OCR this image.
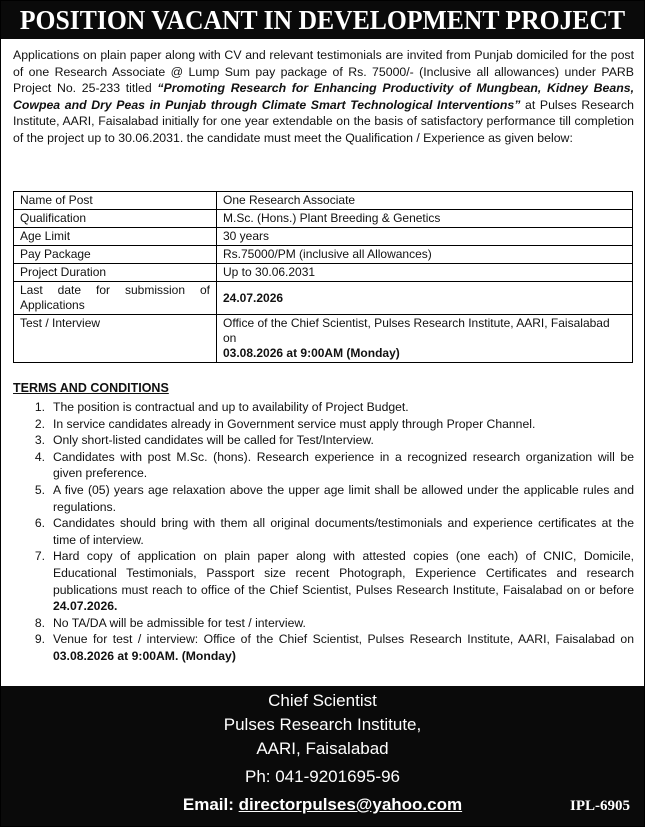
POSITION VACANT IN DEVELOPMENT PROJECT
Applications on plain paper along with CV and relevant testimonials are invited from Punjab domiciled for the post of one Research Associate @ Lump Sum pay package of Rs. 75000/- (Inclusive all allowances) under PARB Project No. 25-233 titled “Promoting Research for Enhancing Productivity of Mungbean, Kidney Beans, Cowpea and Dry Peas in Punjab through Climate Smart Technological Interventions” at Pulses Research Institute, AARI, Faisalabad initially for one year extendable on the basis of satisfactory performance till completion of the project up to 30.06.2031. the candidate must meet the Qualification / Experience as given below:
Name of Post	One Research Associate
Qualification	M.Sc. (Hons.) Plant Breeding & Genetics
Age Limit	30 years
Pay Package	Rs.75000/PM (inclusive all Allowances)
Project Duration	Up to 30.06.2031
Last date for submission of Applications	24.07.2026
Test / Interview	Office of the Chief Scientist, Pulses Research Institute, AARI, Faisalabad on
03.08.2026 at 9:00AM (Monday)
TERMS AND CONDITIONS
1. The position is contractual and up to availability of Project Budget.
2. In service candidates already in Government service must apply through Proper Channel.
3. Only short-listed candidates will be called for Test/Interview.
4. Candidates with post M.Sc. (hons). Research experience in a recognized research organization will be given preference.
5. A five (05) years age relaxation above the upper age limit shall be allowed under the applicable rules and regulations.
6. Candidates should bring with them all original documents/testimonials and experience certificates at the time of interview.
7. Hard copy of application on plain paper along with attested copies (one each) of CNIC, Domicile, Educational Testimonials, Passport size recent Photograph, Experience Certificates and research publications must reach to office of the Chief Scientist, Pulses Research Institute, Faisalabad on or before 24.07.2026.
8. No TA/DA will be admissible for test / interview.
9. Venue for test / interview: Office of the Chief Scientist, Pulses Research Institute, AARI, Faisalabad on 03.08.2026 at 9:00AM. (Monday)
Chief Scientist
Pulses Research Institute,
AARI, Faisalabad
Ph: 041-9201695-96
Email: directorpulses@yahoo.com	IPL-6905
